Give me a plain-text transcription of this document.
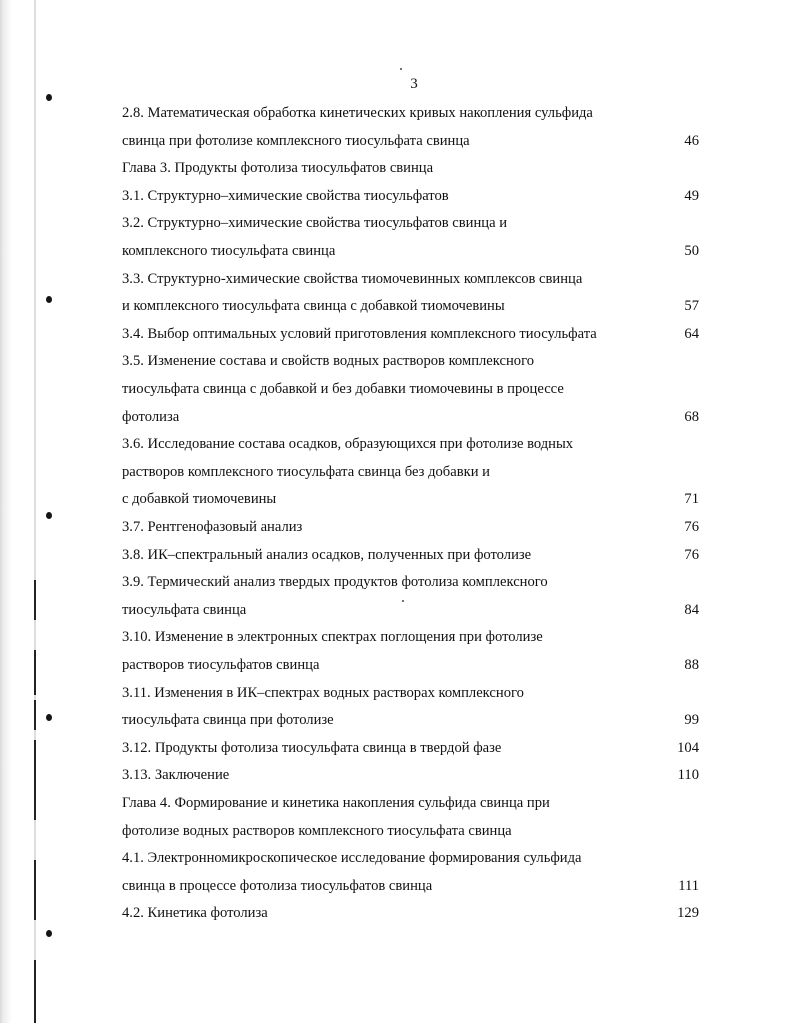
3
2.8. Математическая обработка кинетических кривых накопления сульфида
свинца при фотолизе комплексного тиосульфата свинца	46
Глава 3. Продукты фотолиза тиосульфатов свинца
3.1. Структурно–химические свойства тиосульфатов	49
3.2. Структурно–химические свойства тиосульфатов свинца и
комплексного тиосульфата свинца	50
3.3. Структурно-химические свойства тиомочевинных комплексов свинца
и комплексного тиосульфата свинца с добавкой тиомочевины	57
3.4. Выбор оптимальных условий приготовления комплексного тиосульфата	64
3.5. Изменение состава и свойств водных растворов комплексного
тиосульфата свинца с добавкой и без добавки тиомочевины в процессе
фотолиза	68
3.6. Исследование состава осадков, образующихся при фотолизе водных
растворов комплексного тиосульфата свинца без добавки и
с добавкой тиомочевины	71
3.7. Рентгенофазовый анализ	76
3.8. ИК–спектральный анализ осадков, полученных при фотолизе	76
3.9. Термический анализ твердых продуктов фотолиза комплексного
тиосульфата свинца	84
3.10. Изменение в электронных спектрах поглощения при фотолизе
растворов тиосульфатов свинца	88
3.11. Изменения в ИК–спектрах водных растворах комплексного
тиосульфата свинца при фотолизе	99
3.12. Продукты фотолиза тиосульфата свинца в твердой фазе	104
3.13. Заключение	110
Глава 4. Формирование и кинетика накопления сульфида свинца при
фотолизе водных растворов комплексного тиосульфата свинца
4.1. Электронномикроскопическое исследование формирования сульфида
свинца в процессе фотолиза тиосульфатов свинца	111
4.2. Кинетика фотолиза	129
